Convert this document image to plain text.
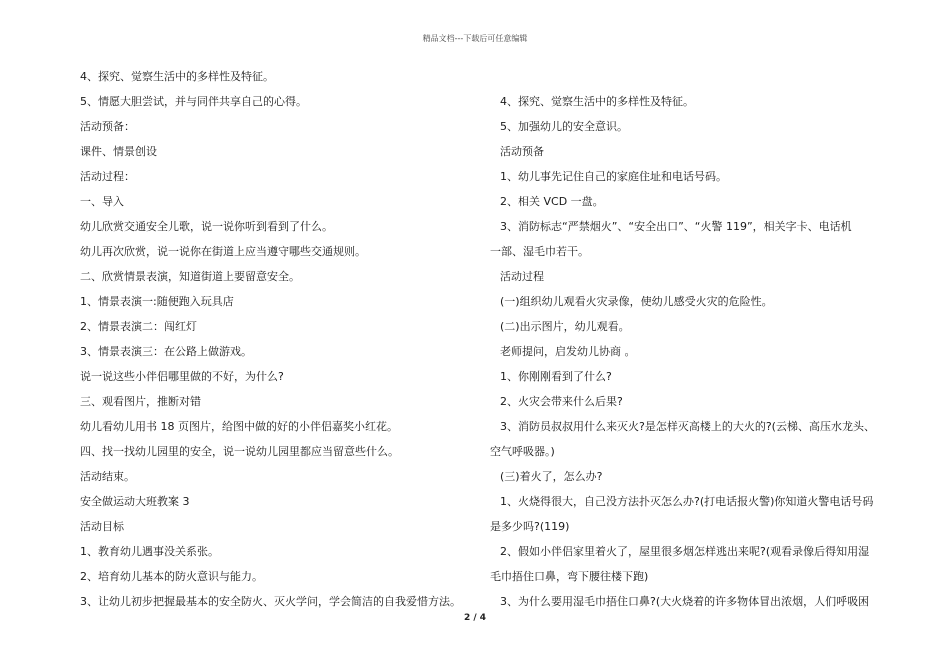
精品文档---下载后可任意编辑
4、探究、觉察生活中的多样性及特征。
5、情愿大胆尝试，并与同伴共享自己的心得。
活动预备：
课件、情景创设
活动过程：
一、导入
幼儿欣赏交通安全儿歌，说一说你听到看到了什么。
幼儿再次欣赏，说一说你在街道上应当遵守哪些交通规则。
二、欣赏情景表演，知道街道上要留意安全。
1、情景表演一:随便跑入玩具店
2、情景表演二：闯红灯
3、情景表演三：在公路上做游戏。
说一说这些小伴侣哪里做的不好，为什么?
三、观看图片，推断对错
幼儿看幼儿用书 18 页图片，给图中做的好的小伴侣嘉奖小红花。
四、找一找幼儿园里的安全，说一说幼儿园里都应当留意些什么。
活动结束。
安全做运动大班教案 3
活动目标
1、教育幼儿遇事没关系张。
2、培育幼儿基本的防火意识与能力。
3、让幼儿初步把握最基本的安全防火、灭火学问，学会简洁的自我爱惜方法。
4、探究、觉察生活中的多样性及特征。
5、加强幼儿的安全意识。
活动预备
1、幼儿事先记住自己的家庭住址和电话号码。
2、相关 VCD 一盘。
3、消防标志“严禁烟火”、“安全出口”、“火警 119”，相关字卡、电话机
一部、湿毛巾若干。
活动过程
(一)组织幼儿观看火灾录像，使幼儿感受火灾的危险性。
(二)出示图片，幼儿观看。
老师提问，启发幼儿协商 。
1、你刚刚看到了什么?
2、火灾会带来什么后果?
3、消防员叔叔用什么来灭火?是怎样灭高楼上的大火的?(云梯、高压水龙头、
空气呼吸器。)
(三)着火了，怎么办?
1、火烧得很大，自己没方法扑灭怎么办?(打电话报火警)你知道火警电话号码
是多少吗?(119)
2、假如小伴侣家里着火了，屋里很多烟怎样逃出来呢?(观看录像后得知用湿
毛巾捂住口鼻，弯下腰往楼下跑)
3、为什么要用湿毛巾捂住口鼻?(大火烧着的许多物体冒出浓烟，人们呼吸困
2 / 4
